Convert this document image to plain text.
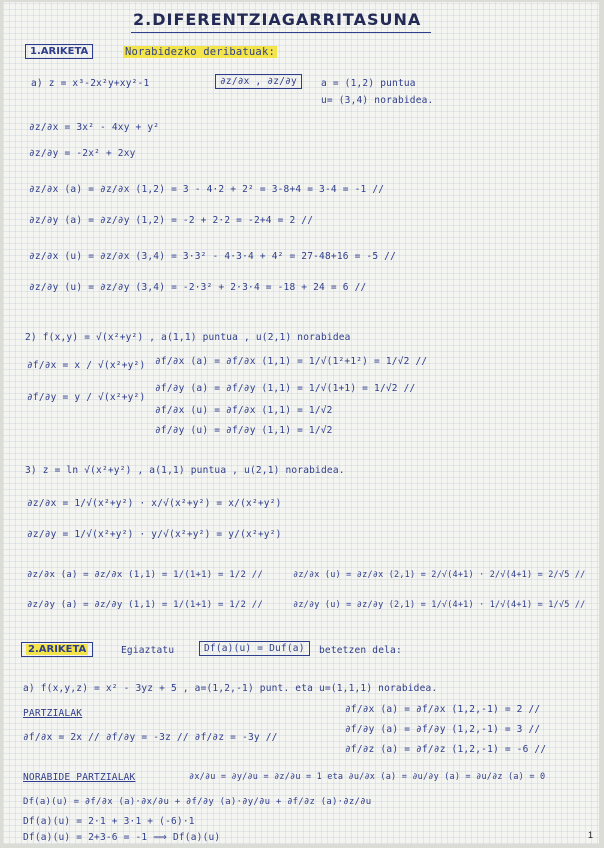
2.DIFERENTZIAGARRITASUNA
1.ARIKETA	Norabidezko deribatuak:
a) z = x³-2x²y+xy²-1	∂z/∂x , ∂z/∂y	a = (1,2) puntua
u= (3,4) norabidea.
∂z/∂x = 3x² - 4xy + y²
∂z/∂y = -2x² + 2xy
∂z/∂x (a) = ∂z/∂x (1,2) = 3 - 4·2 + 2² = 3-8+4 = 3-4 = -1 //
∂z/∂y (a) = ∂z/∂y (1,2) = -2 + 2·2 = -2+4 = 2 //
∂z/∂x (u) = ∂z/∂x (3,4) = 3·3² - 4·3·4 + 4² = 27-48+16 = -5 //
∂z/∂y (u) = ∂z/∂y (3,4) = -2·3² + 2·3·4 = -18 + 24 = 6 //
2) f(x,y) = √(x²+y²) , a(1,1) puntua , u(2,1) norabidea
∂f/∂x = x / √(x²+y²)
∂f/∂y = y / √(x²+y²)
∂f/∂x (a) = ∂f/∂x (1,1) = 1/√(1²+1²) = 1/√2 //
∂f/∂y (a) = ∂f/∂y (1,1) = 1/√(1+1) = 1/√2 //
∂f/∂x (u) = ∂f/∂x (1,1) = 1/√2
∂f/∂y (u) = ∂f/∂y (1,1) = 1/√2
3) z = ln √(x²+y²) , a(1,1) puntua , u(2,1) norabidea.
∂z/∂x = 1/√(x²+y²) · x/√(x²+y²) = x/(x²+y²)
∂z/∂y = 1/√(x²+y²) · y/√(x²+y²) = y/(x²+y²)
∂z/∂x (a) = ∂z/∂x (1,1) = 1/(1+1) = 1/2 //
∂z/∂y (a) = ∂z/∂y (1,1) = 1/(1+1) = 1/2 //
∂z/∂x (u) = ∂z/∂x (2,1) = 2/√(4+1) · 2/√(4+1) = 2/√5 //
∂z/∂y (u) = ∂z/∂y (2,1) = 1/√(4+1) · 1/√(4+1) = 1/√5 //
2.ARIKETA	Egiaztatu	Df(a)(u) = Duf(a)	betetzen dela:
a) f(x,y,z) = x² - 3yz + 5 , a=(1,2,-1) punt. eta u=(1,1,1) norabidea.
PARTZIALAK
∂f/∂x = 2x // ∂f/∂y = -3z // ∂f/∂z = -3y //
∂f/∂x (a) = ∂f/∂x (1,2,-1) = 2 //
∂f/∂y (a) = ∂f/∂y (1,2,-1) = 3 //
∂f/∂z (a) = ∂f/∂z (1,2,-1) = -6 //
NORABIDE PARTZIALAK	∂x/∂u = ∂y/∂u = ∂z/∂u = 1 eta ∂u/∂x (a) = ∂u/∂y (a) = ∂u/∂z (a) = 0
Df(a)(u) = ∂f/∂x (a)·∂x/∂u + ∂f/∂y (a)·∂y/∂u + ∂f/∂z (a)·∂z/∂u
Df(a)(u) = 2·1 + 3·1 + (-6)·1
Df(a)(u) = 2+3-6 = -1 ⟹ Df(a)(u)	1
